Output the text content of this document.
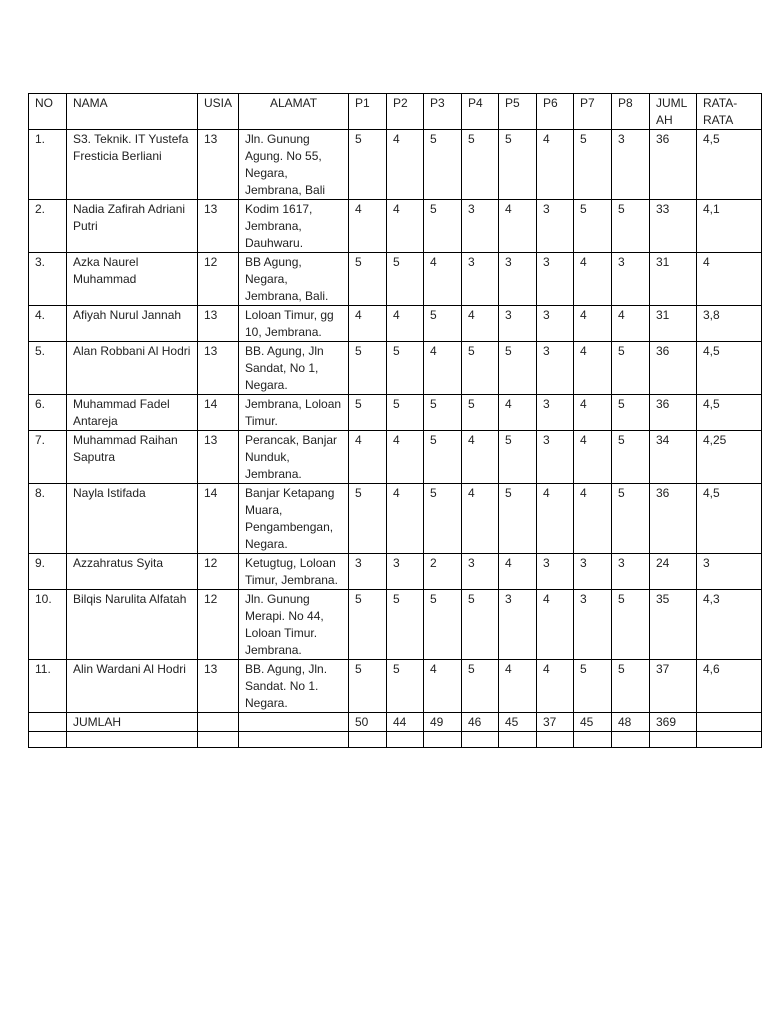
NO	NAMA	USIA	ALAMAT	P1	P2	P3	P4	P5	P6	P7	P8	JUML AH	RATA-RATA
1.	S3. Teknik. IT Yustefa Fresticia Berliani	13	Jln. Gunung Agung. No 55, Negara, Jembrana, Bali	5	4	5	5	5	4	5	3	36	4,5
2.	Nadia Zafirah Adriani Putri	13	Kodim 1617, Jembrana, Dauhwaru.	4	4	5	3	4	3	5	5	33	4,1
3.	Azka Naurel Muhammad	12	BB Agung, Negara, Jembrana, Bali.	5	5	4	3	3	3	4	3	31	4
4.	Afiyah Nurul Jannah	13	Loloan Timur, gg 10, Jembrana.	4	4	5	4	3	3	4	4	31	3,8
5.	Alan Robbani Al Hodri	13	BB. Agung, Jln Sandat, No 1, Negara.	5	5	4	5	5	3	4	5	36	4,5
6.	Muhammad Fadel Antareja	14	Jembrana, Loloan Timur.	5	5	5	5	4	3	4	5	36	4,5
7.	Muhammad Raihan Saputra	13	Perancak, Banjar Nunduk, Jembrana.	4	4	5	4	5	3	4	5	34	4,25
8.	Nayla Istifada	14	Banjar Ketapang Muara, Pengambengan, Negara.	5	4	5	4	5	4	4	5	36	4,5
9.	Azzahratus Syita	12	Ketugtug, Loloan Timur, Jembrana.	3	3	2	3	4	3	3	3	24	3
10.	Bilqis Narulita Alfatah	12	Jln. Gunung Merapi. No 44, Loloan Timur. Jembrana.	5	5	5	5	3	4	3	5	35	4,3
11.	Alin Wardani Al Hodri	13	BB. Agung, Jln. Sandat. No 1. Negara.	5	5	4	5	4	4	5	5	37	4,6
	JUMLAH			50	44	49	46	45	37	45	48	369	
